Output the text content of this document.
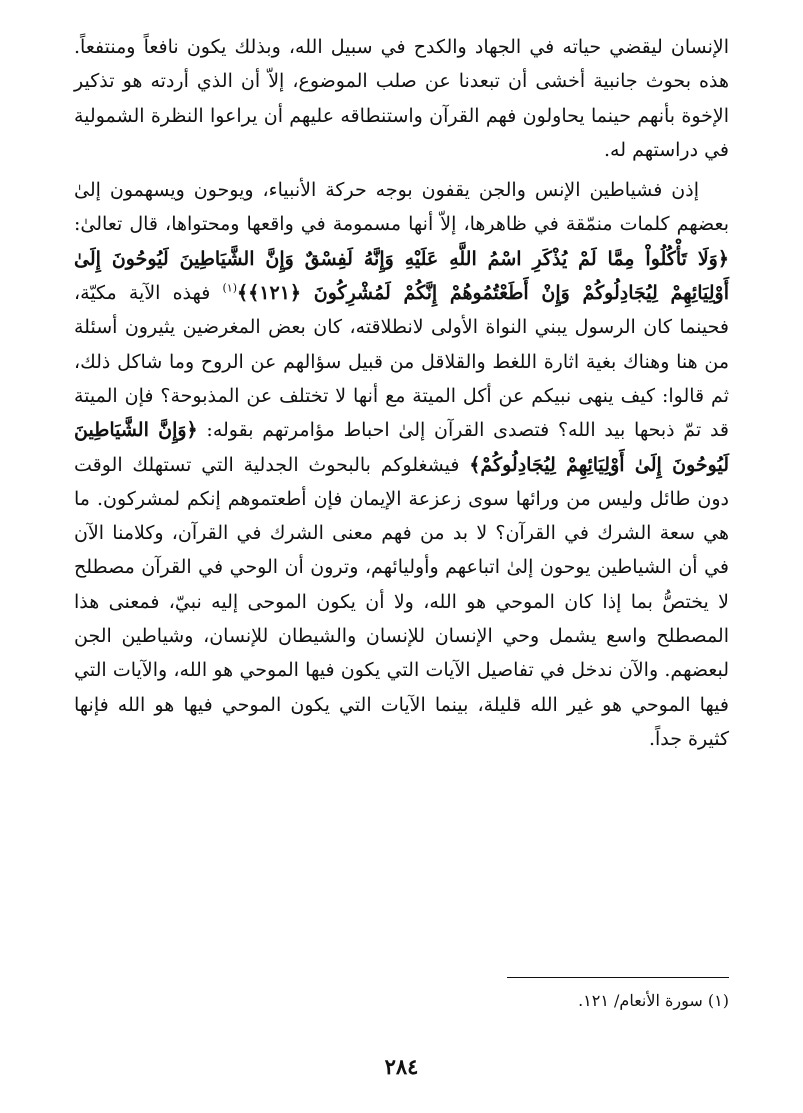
الإنسان ليقضي حياته في الجهاد والكدح في سبيل الله، وبذلك يكون نافعاً ومنتفعاً. هذه بحوث جانبية أخشى أن تبعدنا عن صلب الموضوع، إلاّ أن الذي أردته هو تذكير الإخوة بأنهم حينما يحاولون فهم القرآن واستنطاقه عليهم أن يراعوا النظرة الشمولية في دراستهم له.

إذن فشياطين الإنس والجن يقفون بوجه حركة الأنبياء، ويوحون ويسهمون إلىٰ بعضهم كلمات منمّقة في ظاهرها، إلاّ أنها مسمومة في واقعها ومحتواها، قال تعالىٰ: ﴿وَلَا تَأْكُلُواْ مِمَّا لَمْ يُذْكَرِ اسْمُ اللَّهِ عَلَيْهِ وَإِنَّهُ لَفِسْقٌ وَإِنَّ الشَّيَاطِينَ لَيُوحُونَ إِلَىٰ أَوْلِيَائِهِمْ لِيُجَادِلُوكُمْ وَإِنْ أَطَعْتُمُوهُمْ إِنَّكُمْ لَمُشْرِكُونَ ﴿١٢١﴾﴾$^{(١)}$ فهذه الآية مكيّة، فحينما كان الرسول يبني النواة الأولى لانطلاقته، كان بعض المغرضين يثيرون أسئلة من هنا وهناك بغية اثارة اللغط والقلاقل من قبيل سؤالهم عن الروح وما شاكل ذلك، ثم قالوا: كيف ينهى نبيكم عن أكل الميتة مع أنها لا تختلف عن المذبوحة؟ فإن الميتة قد تمّ ذبحها بيد الله؟ فتصدى القرآن إلىٰ احباط مؤامرتهم بقوله: ﴿وَإِنَّ الشَّيَاطِينَ لَيُوحُونَ إِلَىٰ أَوْلِيَائِهِمْ لِيُجَادِلُوكُمْ﴾ فيشغلوكم بالبحوث الجدلية التي تستهلك الوقت دون طائل وليس من ورائها سوى زعزعة الإيمان فإن أطعتموهم إنكم لمشركون. ما هي سعة الشرك في القرآن؟ لا بد من فهم معنى الشرك في القرآن، وكلامنا الآن في أن الشياطين يوحون إلىٰ اتباعهم وأوليائهم، وترون أن الوحي في القرآن مصطلح لا يختصُّ بما إذا كان الموحي هو الله، ولا أن يكون الموحى إليه نبيّ، فمعنى هذا المصطلح واسع يشمل وحي الإنسان للإنسان والشيطان للإنسان، وشياطين الجن لبعضهم. والآن ندخل في تفاصيل الآيات التي يكون فيها الموحي هو الله، والآيات التي فيها الموحي هو غير الله قليلة، بينما الآيات التي يكون الموحي فيها هو الله فإنها كثيرة جداً.

(١) سورة الأنعام/ ١٢١.
٢٨٤
